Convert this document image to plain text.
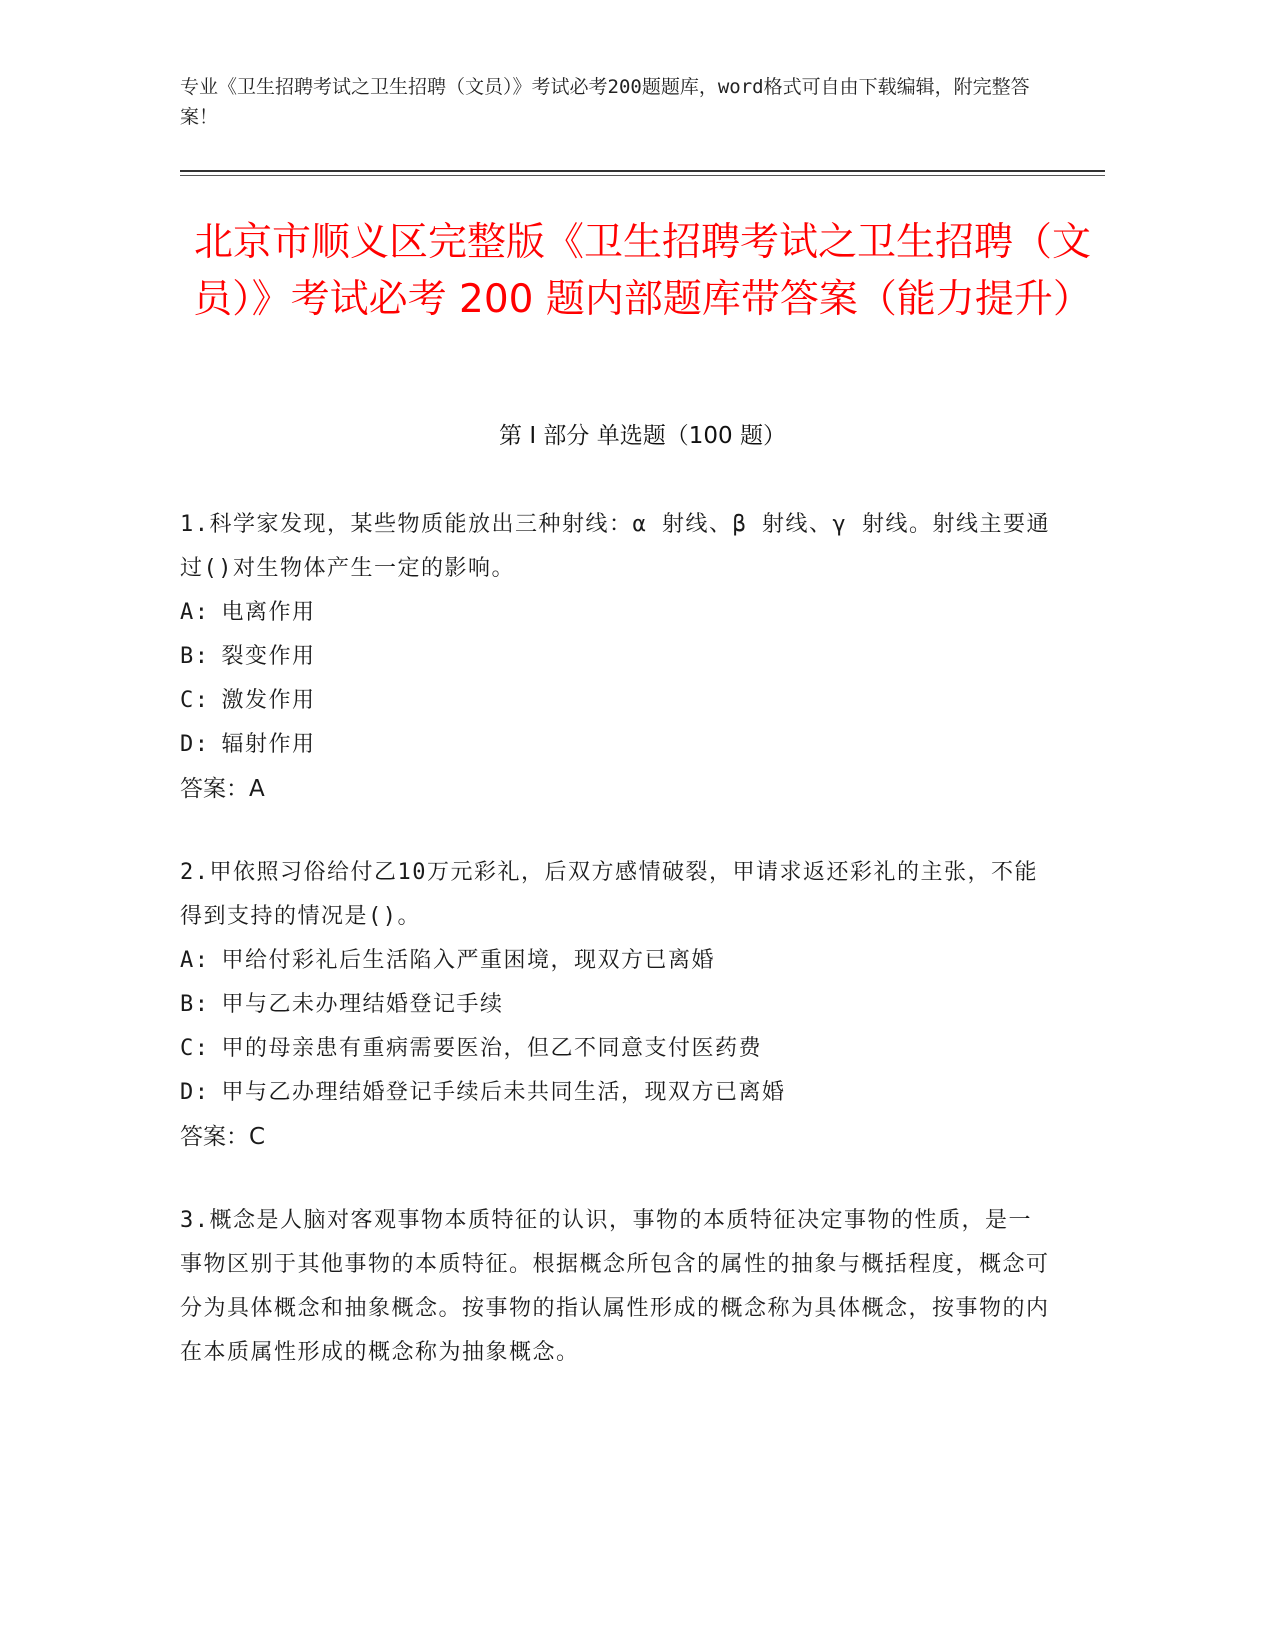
专业《卫生招聘考试之卫生招聘（文员）》考试必考200题题库，word格式可自由下载编辑，附完整答案！
北京市顺义区完整版《卫生招聘考试之卫生招聘（文员）》考试必考 200 题内部题库带答案（能力提升）
第 I 部分 单选题（100 题）

1.科学家发现，某些物质能放出三种射线：α 射线、β 射线、γ 射线。射线主要通过()对生物体产生一定的影响。

A: 电离作用

B: 裂变作用

C: 激发作用

D: 辐射作用

答案：A

2.甲依照习俗给付乙10万元彩礼，后双方感情破裂，甲请求返还彩礼的主张，不能得到支持的情况是()。

A: 甲给付彩礼后生活陷入严重困境，现双方已离婚

B: 甲与乙未办理结婚登记手续

C: 甲的母亲患有重病需要医治，但乙不同意支付医药费

D: 甲与乙办理结婚登记手续后未共同生活，现双方已离婚

答案：C

3.概念是人脑对客观事物本质特征的认识，事物的本质特征决定事物的性质，是一事物区别于其他事物的本质特征。根据概念所包含的属性的抽象与概括程度，概念可分为具体概念和抽象概念。按事物的指认属性形成的概念称为具体概念，按事物的内在本质属性形成的概念称为抽象概念。
